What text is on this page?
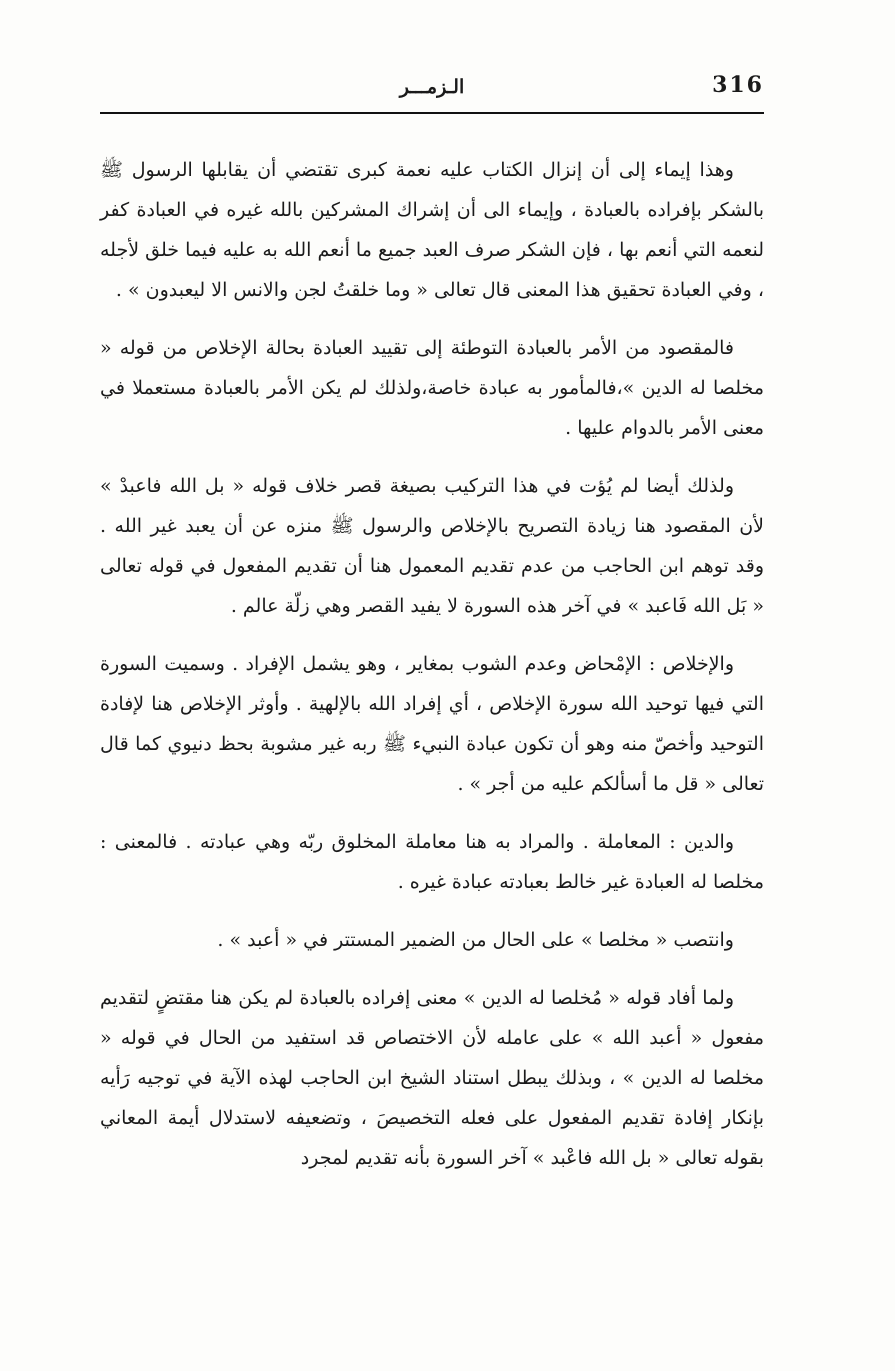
316
الـزمـــر

وهذا إيماء إلى أن إنزال الكتاب عليه نعمة كبرى تقتضي أن يقابلها الرسول ﷺ بالشكر بإفراده بالعبادة ، وإيماء الى أن إشراك المشركين بالله غيره في العبادة كفر لنعمه التي أنعم بها ، فإن الشكر صرف العبد جميع ما أنعم الله به عليه فيما خلق لأجله ، وفي العبادة تحقيق هذا المعنى قال تعالى « وما خلقتُ لجن والانس الا ليعبدون » .

فالمقصود من الأمر بالعبادة التوطئة إلى تقييد العبادة بحالة الإخلاص من قوله « مخلصا له الدين »،فالمأمور به عبادة خاصة،ولذلك لم يكن الأمر بالعبادة مستعملا في معنى الأمر بالدوام عليها .

ولذلك أيضا لم يُؤت في هذا التركيب بصيغة قصر خلاف قوله « بل الله فاعبدْ » لأن المقصود هنا زيادة التصريح بالإخلاص والرسول ﷺ منزه عن أن يعبد غير الله . وقد توهم ابن الحاجب من عدم تقديم المعمول هنا أن تقديم المفعول في قوله تعالى « بَل الله فَاعبد » في آخر هذه السورة لا يفيد القصر وهي زلّة عالم .

والإخلاص : الإمْحاض وعدم الشوب بمغاير ، وهو يشمل الإفراد . وسميت السورة التي فيها توحيد الله سورة الإخلاص ، أي إفراد الله بالإلهية . وأوثر الإخلاص هنا لإفادة التوحيد وأخصّ منه وهو أن تكون عبادة النبيء ﷺ ربه غير مشوبة بحظ دنيوي كما قال تعالى « قل ما أسألكم عليه من أجر » .

والدين : المعاملة . والمراد به هنا معاملة المخلوق ربّه وهي عبادته . فالمعنى : مخلصا له العبادة غير خالط بعبادته عبادة غيره .

وانتصب « مخلصا » على الحال من الضمير المستتر في « أعبد » .

ولما أفاد قوله « مُخلصا له الدين » معنى إفراده بالعبادة لم يكن هنا مقتضٍ لتقديم مفعول « أعبد الله » على عامله لأن الاختصاص قد استفيد من الحال في قوله « مخلصا له الدين » ، وبذلك يبطل استناد الشيخ ابن الحاجب لهذه الآية في توجيه رَأيه بإنكار إفادة تقديم المفعول على فعله التخصيصَ ، وتضعيفه لاستدلال أيمة المعاني بقوله تعالى « بل الله فاعْبد » آخر السورة بأنه تقديم لمجرد
